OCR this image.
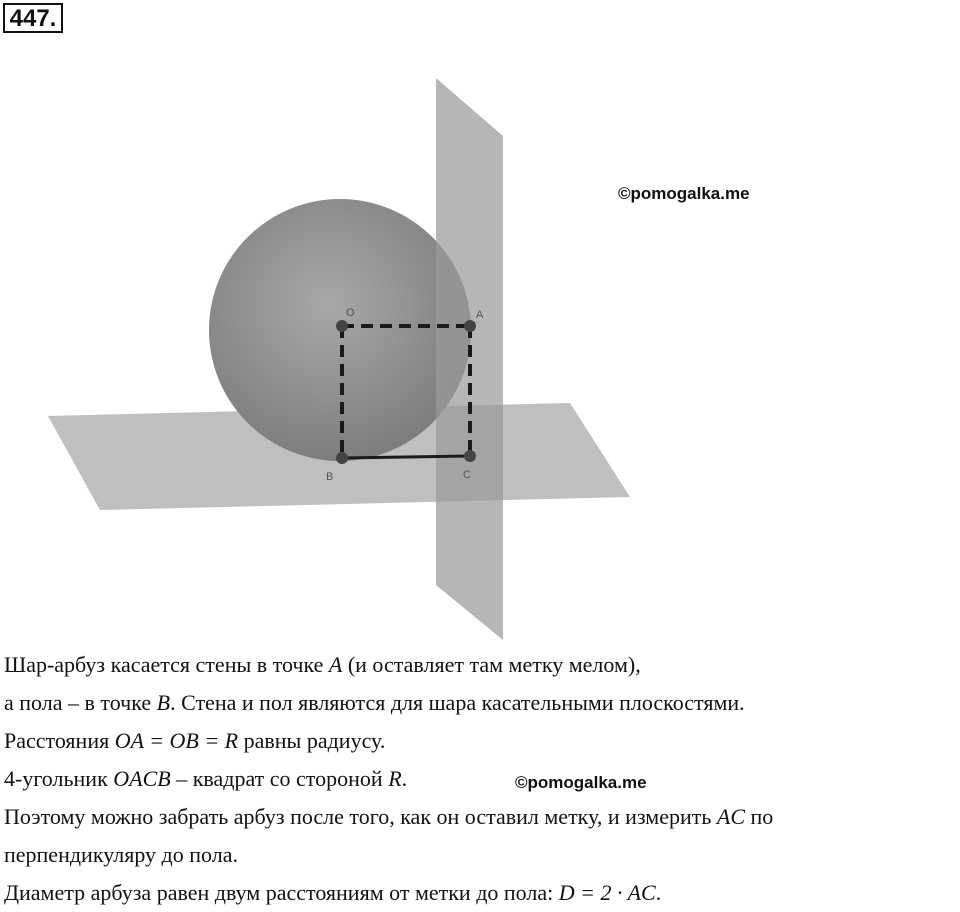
447.
O	A
B	C
©pomogalka.me
Шар-арбуз касается стены в точке A (и оставляет там метку мелом),
а пола – в точке B. Стена и пол являются для шара касательными плоскостями.
Расстояния OA = OB = R равны радиусу.
4-угольник OACB – квадрат со стороной R.
Поэтому можно забрать арбуз после того, как он оставил метку, и измерить AC по
перпендикуляру до пола.
Диаметр арбуза равен двум расстояниям от метки до пола: D = 2 · AC.
©pomogalka.me
